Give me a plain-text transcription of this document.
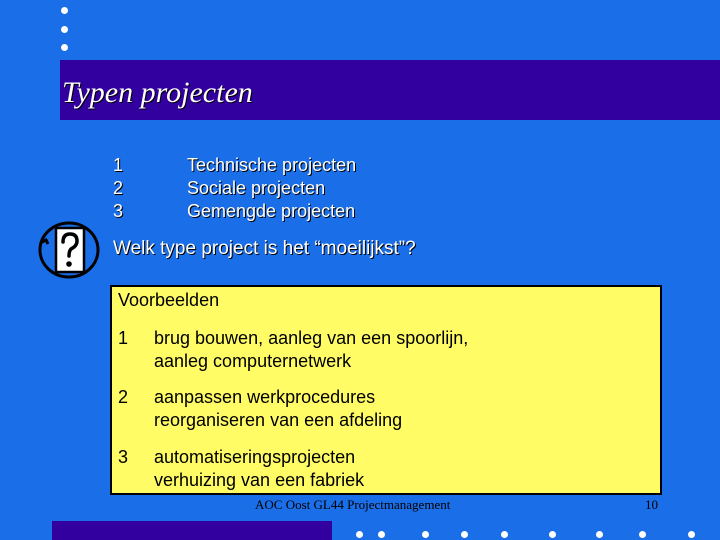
Typen projecten
1
2
3
Technische projecten
Sociale projecten
Gemengde projecten
Welk type project is het “moeilijkst”?
Voorbeelden
1 brug bouwen, aanleg van een spoorlijn,
aanleg computernetwerk
2 aanpassen werkprocedures
reorganiseren van een afdeling
3 automatiseringsprojecten
verhuizing van een fabriek
AOC Oost GL44 Projectmanagement	10
